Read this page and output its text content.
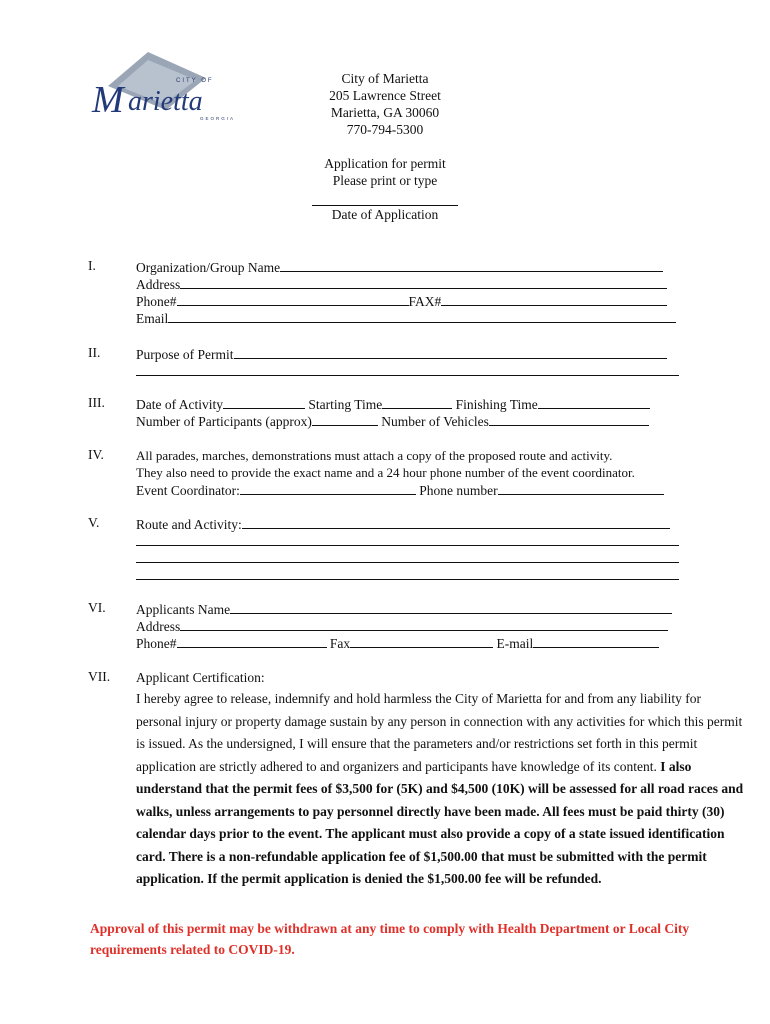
CITY OF
M arietta
GEORGIA
City of Marietta
205 Lawrence Street
Marietta, GA 30060
770-794-5300
Application for permit
Please print or type
Date of Application
I.	Organization/Group Name
Address
Phone#	FAX#
Email
II.	Purpose of Permit
III.	Date of Activity	Starting Time	Finishing Time
Number of Participants (approx)	Number of Vehicles
IV.	All parades, marches, demonstrations must attach a copy of the proposed route and activity.
They also need to provide the exact name and a 24 hour phone number of the event coordinator.
Event Coordinator:	Phone number
V.	Route and Activity:
VI.	Applicants Name
Address
Phone#	Fax	E-mail
VII.	Applicant Certification:
I hereby agree to release, indemnify and hold harmless the City of Marietta for and from any liability for personal injury or property damage sustain by any person in connection with any activities for which this permit is issued. As the undersigned, I will ensure that the parameters and/or restrictions set forth in this permit application are strictly adhered to and organizers and participants have knowledge of its content. I also understand that the permit fees of $3,500 for (5K) and $4,500 (10K) will be assessed for all road races and walks, unless arrangements to pay personnel directly have been made. All fees must be paid thirty (30) calendar days prior to the event. The applicant must also provide a copy of a state issued identification card. There is a non-refundable application fee of $1,500.00 that must be submitted with the permit application. If the permit application is denied the $1,500.00 fee will be refunded.
Approval of this permit may be withdrawn at any time to comply with Health Department or Local City requirements related to COVID-19.
